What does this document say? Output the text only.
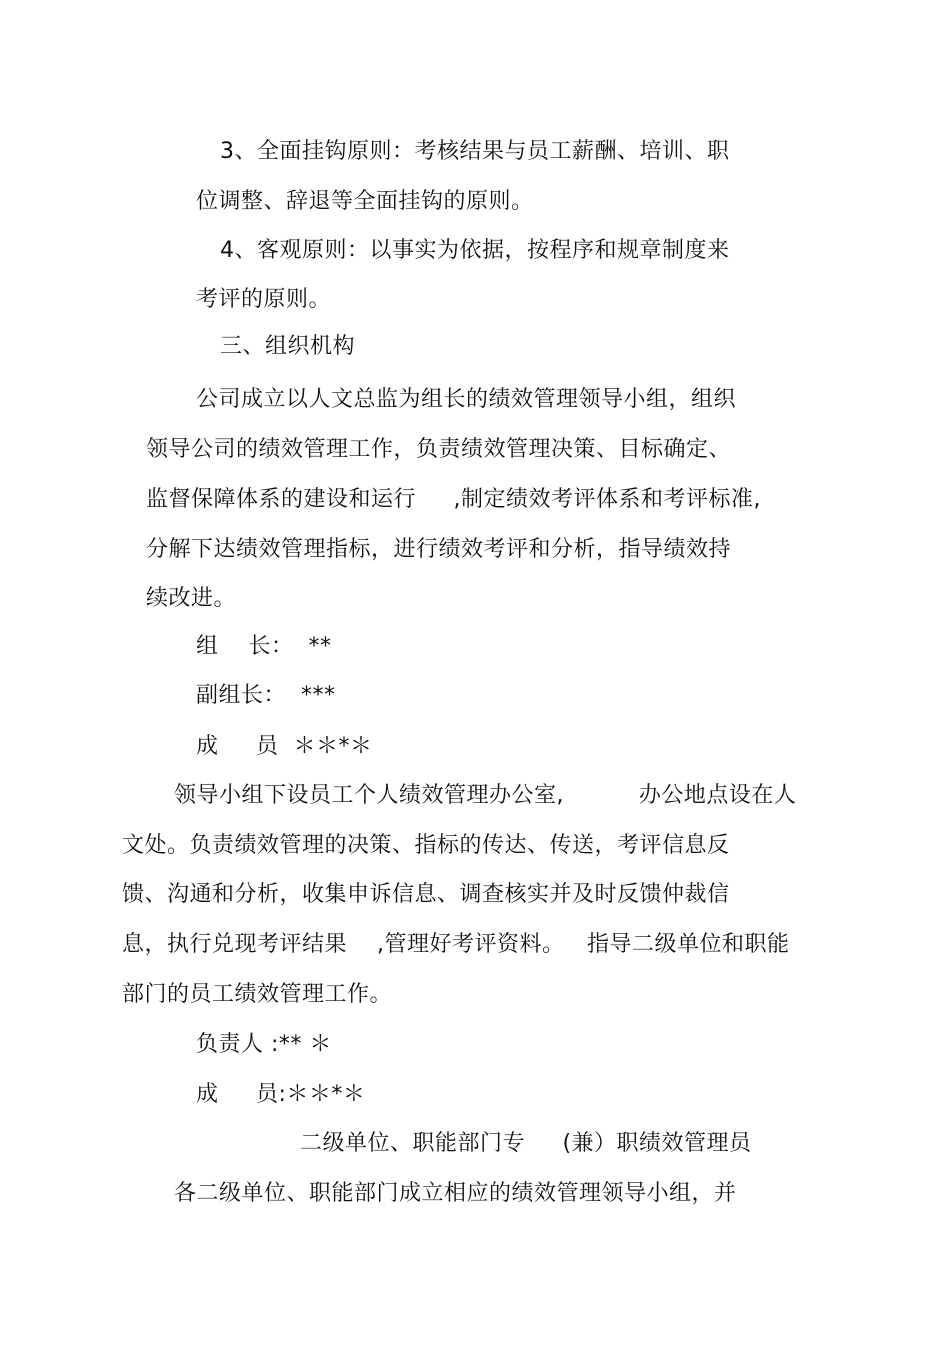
3、全面挂钩原则：考核结果与员工薪酬、培训、职
位调整、辞退等全面挂钩的原则。
4、客观原则：以事实为依据，按程序和规章制度来
考评的原则。
三、组织机构
公司成立以人文总监为组长的绩效管理领导小组，组织
领导公司的绩效管理工作，负责绩效管理决策、目标确定、
监督保障体系的建设和运行     ,制定绩效考评体系和考评标准,
分解下达绩效管理指标，进行绩效考评和分析，指导绩效持
续改进。
组    长：  **
副组长：  ***
成     员  ＊＊*＊
领导小组下设员工个人绩效管理办公室,          办公地点设在人
文处。负责绩效管理的决策、指标的传达、传送，考评信息反
馈、沟通和分析，收集申诉信息、调查核实并及时反馈仲裁信
息，执行兑现考评结果    ,管理好考评资料。   指导二级单位和职能
部门的员工绩效管理工作。
负责人 :** ＊
成     员:＊＊*＊
二级单位、职能部门专     (兼）职绩效管理员
各二级单位、职能部门成立相应的绩效管理领导小组，并
